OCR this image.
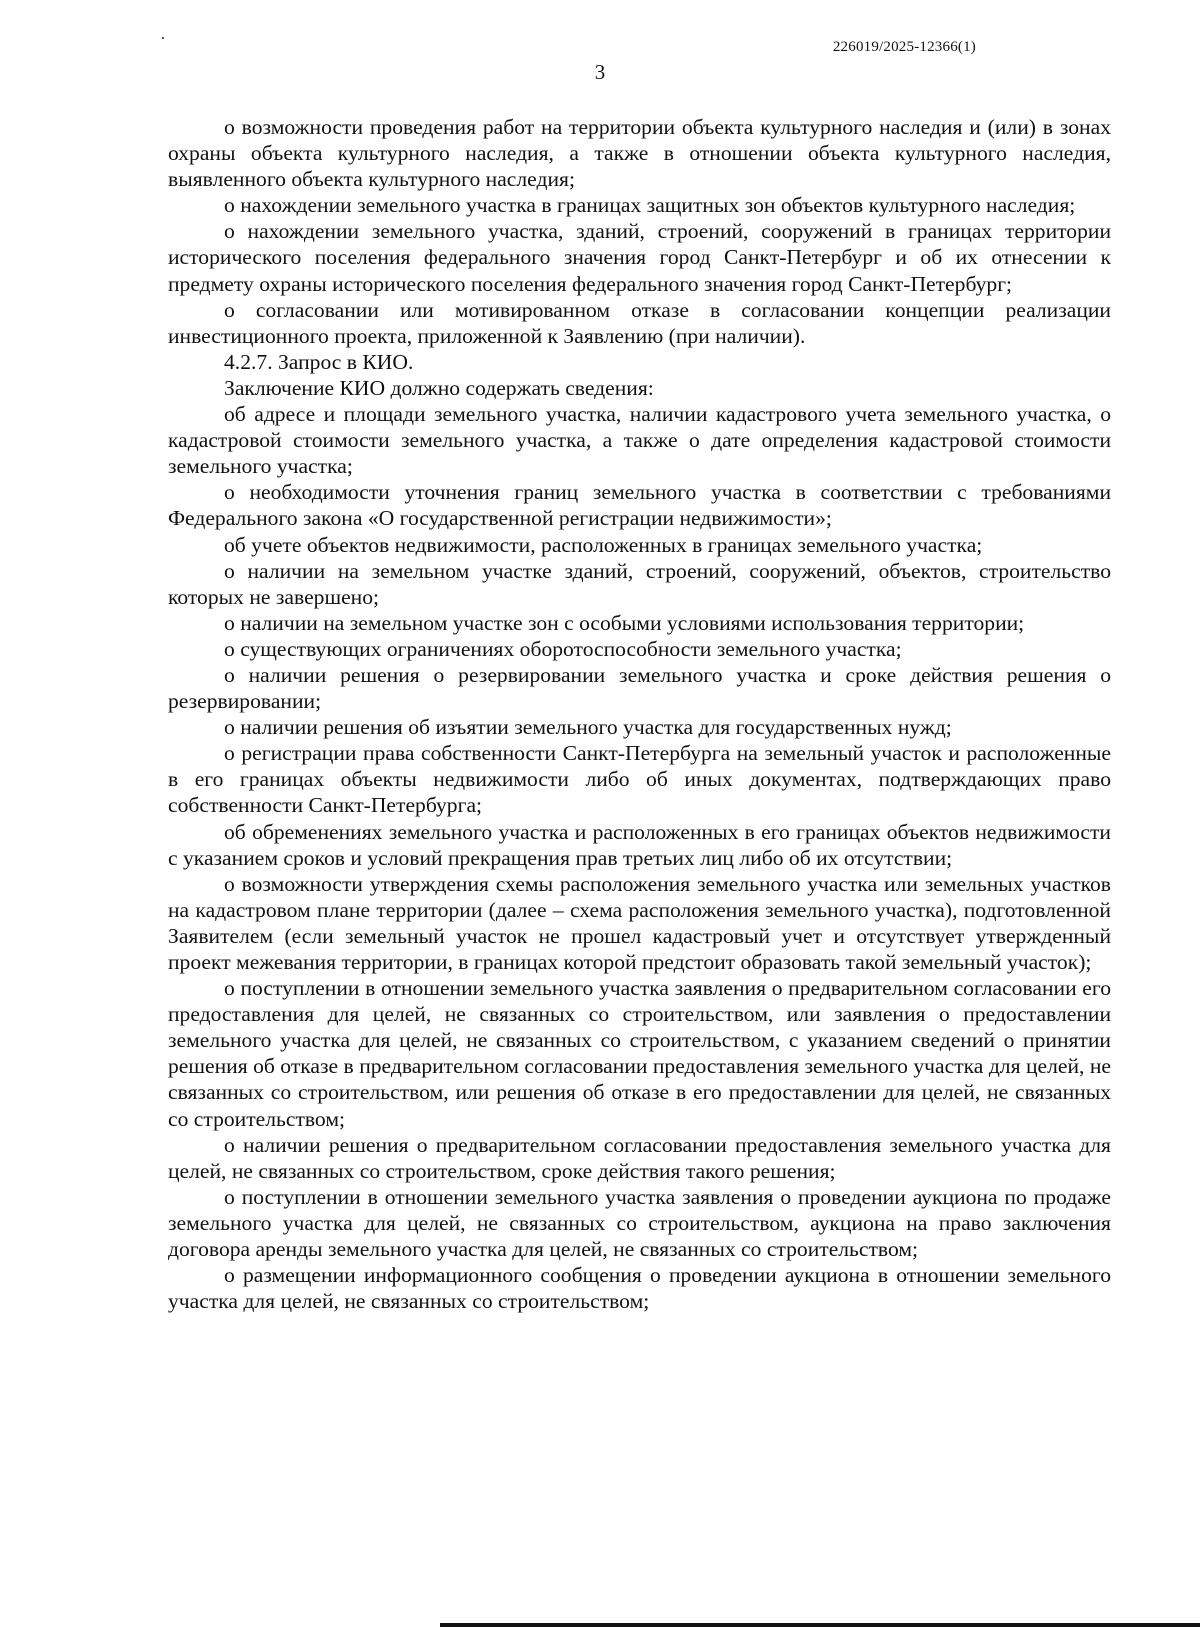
226019/2025-12366(1)
3

о возможности проведения работ на территории объекта культурного наследия и (или) в зонах охраны объекта культурного наследия, а также в отношении объекта культурного наследия, выявленного объекта культурного наследия;

о нахождении земельного участка в границах защитных зон объектов культурного наследия;

о нахождении земельного участка, зданий, строений, сооружений в границах территории исторического поселения федерального значения город Санкт-Петербург и об их отнесении к предмету охраны исторического поселения федерального значения город Санкт-Петербург;

о согласовании или мотивированном отказе в согласовании концепции реализации инвестиционного проекта, приложенной к Заявлению (при наличии).

4.2.7. Запрос в КИО.

Заключение КИО должно содержать сведения:

об адресе и площади земельного участка, наличии кадастрового учета земельного участка, о кадастровой стоимости земельного участка, а также о дате определения кадастровой стоимости земельного участка;

о необходимости уточнения границ земельного участка в соответствии с требованиями Федерального закона «О государственной регистрации недвижимости»;

об учете объектов недвижимости, расположенных в границах земельного участка;

о наличии на земельном участке зданий, строений, сооружений, объектов, строительство которых не завершено;

о наличии на земельном участке зон с особыми условиями использования территории;

о существующих ограничениях оборотоспособности земельного участка;

о наличии решения о резервировании земельного участка и сроке действия решения о резервировании;

о наличии решения об изъятии земельного участка для государственных нужд;

о регистрации права собственности Санкт-Петербурга на земельный участок и расположенные в его границах объекты недвижимости либо об иных документах, подтверждающих право собственности Санкт-Петербурга;

об обременениях земельного участка и расположенных в его границах объектов недвижимости с указанием сроков и условий прекращения прав третьих лиц либо об их отсутствии;

о возможности утверждения схемы расположения земельного участка или земельных участков на кадастровом плане территории (далее – схема расположения земельного участка), подготовленной Заявителем (если земельный участок не прошел кадастровый учет и отсутствует утвержденный проект межевания территории, в границах которой предстоит образовать такой земельный участок);

о поступлении в отношении земельного участка заявления о предварительном согласовании его предоставления для целей, не связанных со строительством, или заявления о предоставлении земельного участка для целей, не связанных со строительством, с указанием сведений о принятии решения об отказе в предварительном согласовании предоставления земельного участка для целей, не связанных со строительством, или решения об отказе в его предоставлении для целей, не связанных со строительством;

о наличии решения о предварительном согласовании предоставления земельного участка для целей, не связанных со строительством, сроке действия такого решения;

о поступлении в отношении земельного участка заявления о проведении аукциона по продаже земельного участка для целей, не связанных со строительством, аукциона на право заключения договора аренды земельного участка для целей, не связанных со строительством;

о размещении информационного сообщения о проведении аукциона в отношении земельного участка для целей, не связанных со строительством;
